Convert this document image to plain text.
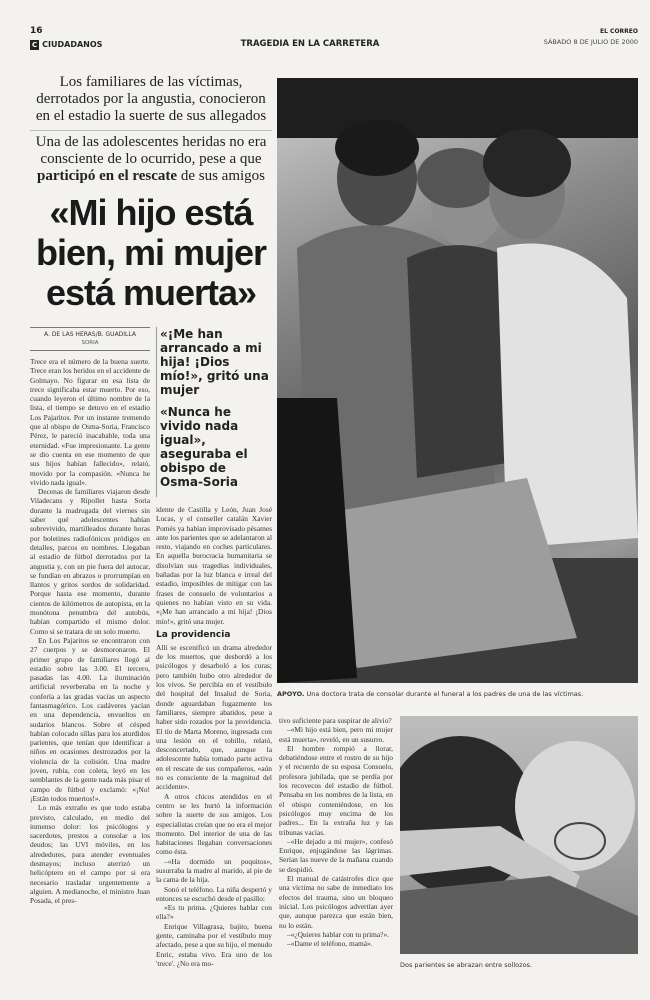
16
C CIUDADANOS	TRAGEDIA EN LA CARRETERA
EL CORREO
SÁBADO 8 DE JULIO DE 2000
Los familiares de las víctimas, derrotados por la angustia, conocieron en el estadio la suerte de sus allegados
Una de las adolescentes heridas no era consciente de lo ocurrido, pese a que participó en el rescate de sus amigos
«Mi hijo está bien, mi mujer está muerta»
A. DE LAS HERAS/B. GUADILLA
SORIA

Trece era el número de la buena suerte. Trece eran los heridos en el accidente de Golmayo. No figurar en esa lista de trece significaba estar muerto. Por eso, cuando leyeron el último nombre de la lista, el tiempo se detuvo en el estadio Los Pajaritos. Por un instante tremendo que al obispo de Osma-Soria, Francisco Pérez, le pareció inacabable, toda una eternidad. «Fue impresionante. La gente se dio cuenta en ese momento de que sus hijos habían fallecido», relató, movido por la compasión. «Nunca he vivido nada igual».

Decenas de familiares viajaron desde Viladecans y Ripollet hasta Soria durante la madrugada del viernes sin saber qué adolescentes habían sobrevivido, martilleados durante horas por boletines radiofónicos pródigos en detalles, parcos en nombres. Llegaban al estadio de fútbol derrotados por la angustia y, con un pie fuera del autocar, se fundían en abrazos o prorrumpían en llantos y gritos sordos de solidaridad. Porque hasta ese momento, durante cientos de kilómetros de autopista, en la monótona penumbra del autobús, habían compartido el mismo dolor. Como si se tratara de un solo muerto.

En Los Pajaritos se encontraron con 27 cuerpos y se desmoronaron. El primer grupo de familiares llegó al estadio sobre las 3.00. El tercero, pasadas las 4.00. La iluminación artificial reverberaba en la noche y confería a las gradas vacías un aspecto fantasmagórico. Los cadáveres yacían en una dependencia, envueltos en sudarios blancos. Sobre el césped habían colocado sillas para los aturdidos parientes, que tenían que identificar a niños en ocasiones destrozados por la violencia de la colisión. Una madre joven, rubia, con coleta, leyó en los semblantes de la gente nada más pisar el campo de fútbol y exclamó: «¡No! ¡Están todos muertos!».

Lo más extraño es que todo estaba previsto, calculado, en medio del inmenso dolor: los psicólogos y sacerdotes, prestos a consolar a los deudos; las UVI móviles, en los alrededores, para atender eventuales desmayos; incluso aterrizó un helicóptero en el campo por si era necesario trasladar urgentemente a alguien. A medianoche, el ministro Juan Posada, el pres-

«¡Me han arrancado a mi hija! ¡Dios mío!», gritó una mujer

«Nunca he vivido nada igual», aseguraba el obispo de Osma-Soria

idente de Castilla y León, Juan José Lucas, y el conseller catalán Xavier Pomés ya habían improvisado pésames ante los parientes que se adelantaron al resto, viajando en coches particulares. En aquella burocracia humanitaria se disolvían sus tragedias individuales, bañadas por la luz blanca e irreal del estadio, imposibles de mitigar con las frases de consuelo de voluntarios a quienes no habían visto en su vida. «¡Me han arrancado a mi hija! ¡Dios mío!», gritó una mujer.

La providencia

Allí se escenificó un drama alrededor de los muertos, que desbordó a los psicólogos y desarboló a los curas; pero también hubo otro alrededor de los vivos. Se percibía en el vestíbulo del hospital del Insalud de Soria, donde aguardaban fugazmente los familiares, siempre abatidos, pese a haber sido rozados por la providencia. El tío de Marta Moreno, ingresada con una lesión en el tobillo, relató, desconcertado, que, aunque la adolescente había tomado parte activa en el rescate de sus compañeros, «aún no es consciente de la magnitud del accidente».

A otros chicos atendidos en el centro se les hurtó la información sobre la suerte de sus amigos. Los especialistas creían que no era el mejor momento. Del interior de una de las habitaciones llegaban conversaciones como ésta.

–«Ha dormido un poquitos», susurraba la madre al marido, al pie de la cama de la hija.

Sonó el teléfono. La niña despertó y entonces se escuchó desde el pasillo:

«Es tu prima. ¿Quieres hablar con ella?»

Enrique Villagrasa, bajito, buena gente, caminaba por el vestíbulo muy afectado, pese a que su hijo, el menudo Enric, estaba vivo. Era uno de los 'trece'. ¿No era mo-

tivo suficiente para suspirar de alivio?

–«Mi hijo está bien, pero mi mujer está muerta», reveló, en un susurro.

El hombre rompió a llorar, debatiéndose entre el rostro de su hijo y el recuerdo de su esposa Consuelo, profesora jubilada, que se perdía por los recovecos del estadio de fútbol. Pensaba en los nombres de la lista, en el obispo conteniéndose, en los psicólogos muy encima de los padres... En la extraña luz y las tribunas vacías.

–«He dejado a mi mujer», confesó Enrique, enjugándose las lágrimas. Serían las nueve de la mañana cuando se despidió.

El manual de catástrofes dice que una víctima no sabe de inmediato los efectos del trauma, sino un bloqueo inicial. Los psicólogos advertían ayer que, aunque parezca que están bien, no lo están.

–«¿Quieres hablar con tu prima?».

–«Dame el teléfono, mamá».

APOYO. Una doctora trata de consolar durante el funeral a los padres de una de las víctimas.
Dos parientes se abrazan entre sollozos.
